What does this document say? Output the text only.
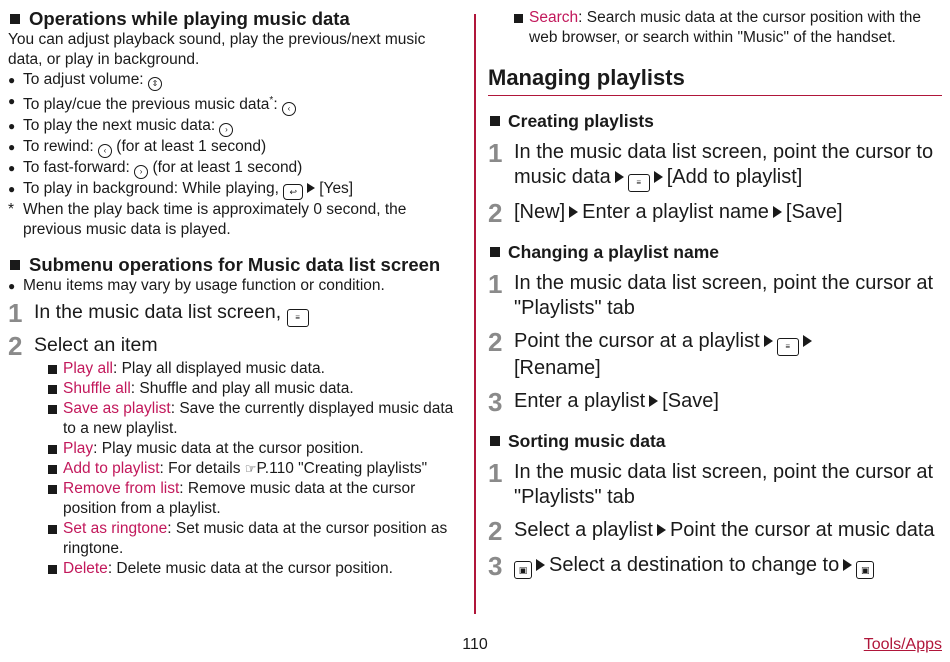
Operations while playing music data
You can adjust playback sound, play the previous/next music data, or play in background.
● To adjust volume: ⇕
● To play/cue the previous music data*: ‹
● To play the next music data: ›
● To rewind: ‹ (for at least 1 second)
● To fast-forward: › (for at least 1 second)
● To play in background: While playing, ↩ [Yes]
* When the play back time is approximately 0 second, the previous music data is played.
Submenu operations for Music data list screen
● Menu items may vary by usage function or condition.
1 In the music data list screen, ≡
2 Select an item
Play all: Play all displayed music data.
Shuffle all: Shuffle and play all music data.
Save as playlist: Save the currently displayed music data to a new playlist.
Play: Play music data at the cursor position.
Add to playlist: For details ☞P.110 "Creating playlists"
Remove from list: Remove music data at the cursor position from a playlist.
Set as ringtone: Set music data at the cursor position as ringtone.
Delete: Delete music data at the cursor position.
Search: Search music data at the cursor position with the web browser, or search within "Music" of the handset.
Managing playlists
Creating playlists
1 In the music data list screen, point the cursor to music data	≡ [Add to playlist]
2 [New] Enter a playlist name [Save]
Changing a playlist name
1 In the music data list screen, point the cursor at "Playlists" tab
2 Point the cursor at a playlist	≡
[Rename]
3 Enter a playlist [Save]
Sorting music data
1 In the music data list screen, point the cursor at "Playlists" tab
2 Select a playlist Point the cursor at music data
3	▣ Select a destination to change to ▣
110	Tools/Apps
